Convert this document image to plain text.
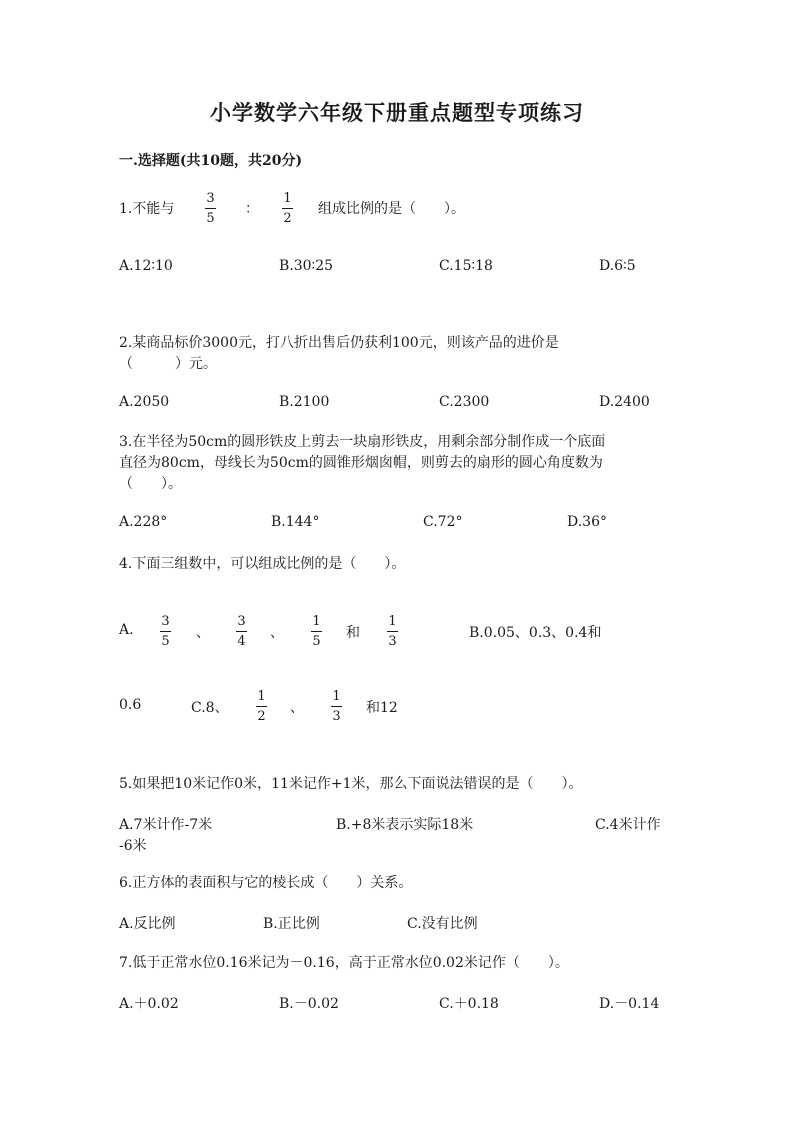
小学数学六年级下册重点题型专项练习
一.选择题(共10题，共20分)
1.不能与
3
5
：
1
2
组成比例的是（　　）。
A.12∶10	B.30∶25	C.15∶18	D.6∶5
2.某商品标价3000元，打八折出售后仍获利100元，则该产品的进价是
（　　　）元。
A.2050	B.2100	C.2300	D.2400
3.在半径为50cm的圆形铁皮上剪去一块扇形铁皮，用剩余部分制作成一个底面
直径为80cm，母线长为50cm的圆锥形烟囱帽，则剪去的扇形的圆心角度数为
（　　）。
A.228°	B.144°	C.72°	D.36°
4.下面三组数中，可以组成比例的是（　　）。
A.
3
5
、
3
4
、
1
5
和
1
3
B.0.05、0.3、0.4和
0.6	C.8、
1
2
、
1
3
和12
5.如果把10米记作0米，11米记作+1米，那么下面说法错误的是（　　）。
A.7米计作-7米	B.+8米表示实际18米	C.4米计作
-6米
6.正方体的表面积与它的棱长成（　　）关系。
A.反比例	B.正比例	C.没有比例
7.低于正常水位0.16米记为－0.16，高于正常水位0.02米记作（　　）。
A.＋0.02	B.－0.02	C.＋0.18	D.－0.14
